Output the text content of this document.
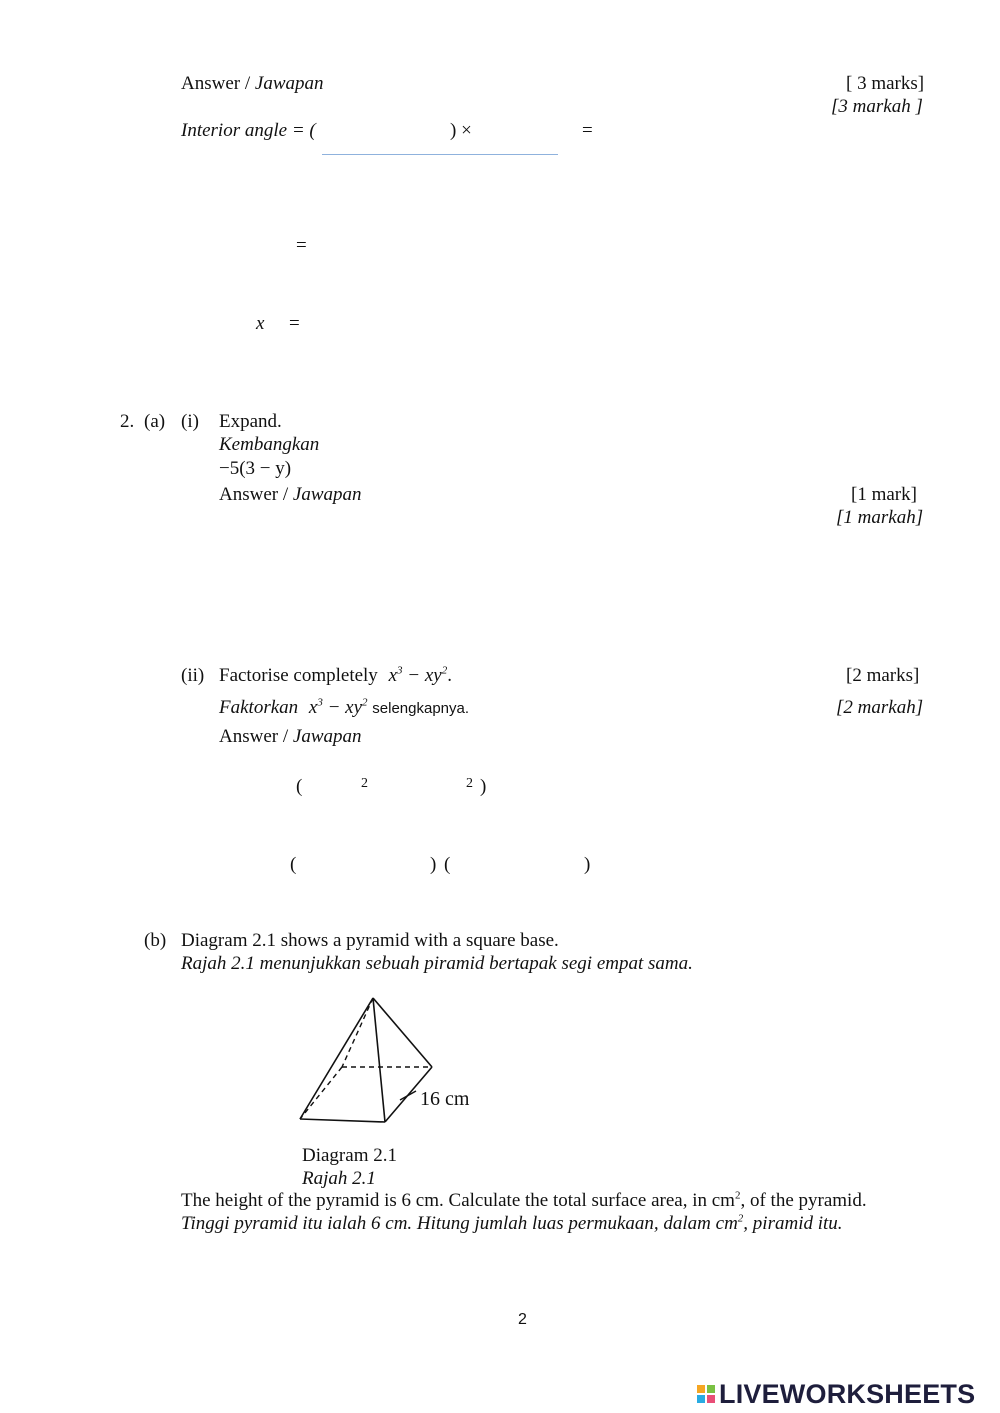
Answer / Jawapan	[ 3 marks]
[3 markah ]
Interior angle = (	) ×	=
=
x =
2. (a) (i) Expand.
Kembangkan
−5(3 − y)
Answer / Jawapan	[1 mark]
[1 markah]
(ii) Factorise completely $x^3 - xy^2$.	[2 marks]
Faktorkan $x^3 - xy^2$ selengkapnya.	[2 markah]
Answer / Jawapan
(	2	2 )
(	) (	)
(b) Diagram 2.1 shows a pyramid with a square base.
Rajah 2.1 menunjukkan sebuah piramid bertapak segi empat sama.
16 cm
Diagram 2.1
Rajah 2.1
The height of the pyramid is 6 cm. Calculate the total surface area, in $cm^2$, of the pyramid.
Tinggi pyramid itu ialah 6 cm. Hitung jumlah luas permukaan, dalam $cm^2$, piramid itu.
2
LIVEWORKSHEETS
